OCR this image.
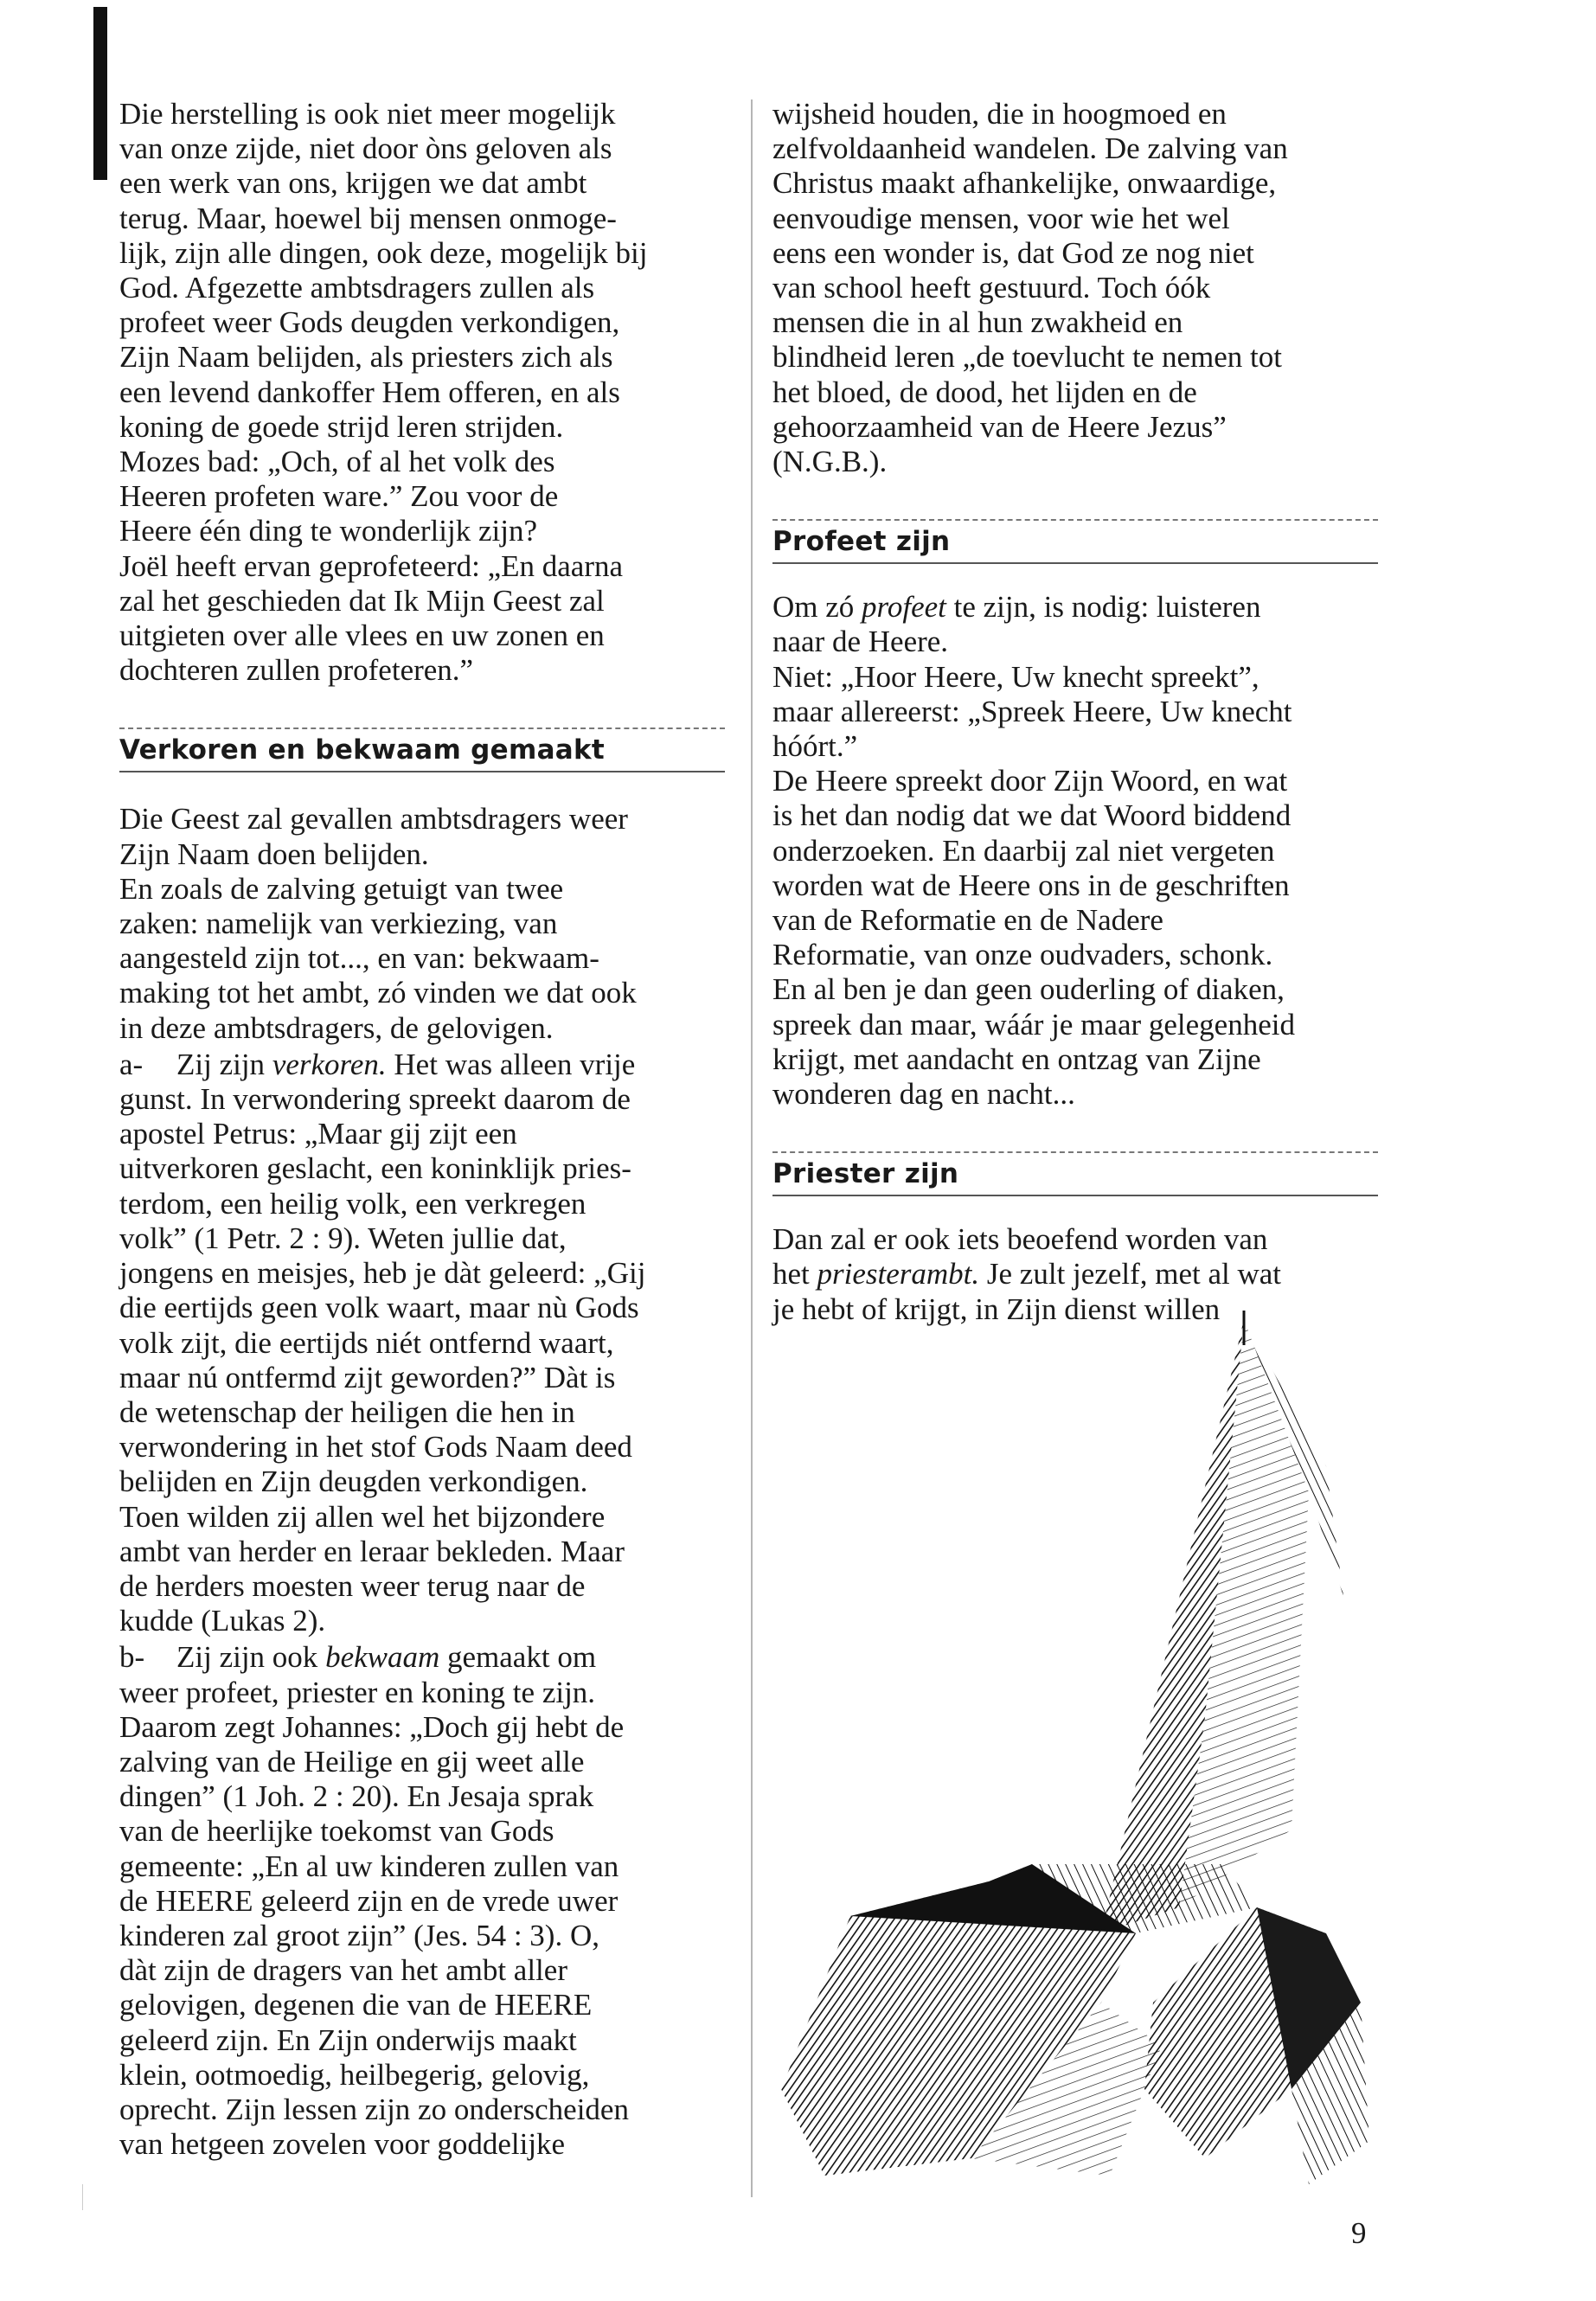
Die herstelling is ook niet meer mogelijk
van onze zijde, niet door òns geloven als
een werk van ons, krijgen we dat ambt
terug. Maar, hoewel bij mensen onmoge-
lijk, zijn alle dingen, ook deze, mogelijk bij
God. Afgezette ambtsdragers zullen als
profeet weer Gods deugden verkondigen,
Zijn Naam belijden, als priesters zich als
een levend dankoffer Hem offeren, en als
koning de goede strijd leren strijden.
Mozes bad: „Och, of al het volk des
Heeren profeten ware.” Zou voor de
Heere één ding te wonderlijk zijn?
Joël heeft ervan geprofeteerd: „En daarna
zal het geschieden dat Ik Mijn Geest zal
uitgieten over alle vlees en uw zonen en
dochteren zullen profeteren.”

Verkoren en bekwaam gemaakt

Die Geest zal gevallen ambtsdragers weer
Zijn Naam doen belijden.
En zoals de zalving getuigt van twee
zaken: namelijk van verkiezing, van
aangesteld zijn tot..., en van: bekwaam-
making tot het ambt, zó vinden we dat ook
in deze ambtsdragers, de gelovigen.

a- Zij zijn verkoren. Het was alleen vrije
gunst. In verwondering spreekt daarom de
apostel Petrus: „Maar gij zijt een
uitverkoren geslacht, een koninklijk pries-
terdom, een heilig volk, een verkregen
volk” (1 Petr. 2 : 9). Weten jullie dat,
jongens en meisjes, heb je dàt geleerd: „Gij
die eertijds geen volk waart, maar nù Gods
volk zijt, die eertijds niét ontfernd waart,
maar nú ontfermd zijt geworden?” Dàt is
de wetenschap der heiligen die hen in
verwondering in het stof Gods Naam deed
belijden en Zijn deugden verkondigen.
Toen wilden zij allen wel het bijzondere
ambt van herder en leraar bekleden. Maar
de herders moesten weer terug naar de
kudde (Lukas 2).

b- Zij zijn ook bekwaam gemaakt om
weer profeet, priester en koning te zijn.
Daarom zegt Johannes: „Doch gij hebt de
zalving van de Heilige en gij weet alle
dingen” (1 Joh. 2 : 20). En Jesaja sprak
van de heerlijke toekomst van Gods
gemeente: „En al uw kinderen zullen van
de HEERE geleerd zijn en de vrede uwer
kinderen zal groot zijn” (Jes. 54 : 3). O,
dàt zijn de dragers van het ambt aller
gelovigen, degenen die van de HEERE
geleerd zijn. En Zijn onderwijs maakt
klein, ootmoedig, heilbegerig, gelovig,
oprecht. Zijn lessen zijn zo onderscheiden
van hetgeen zovelen voor goddelijke

wijsheid houden, die in hoogmoed en
zelfvoldaanheid wandelen. De zalving van
Christus maakt afhankelijke, onwaardige,
eenvoudige mensen, voor wie het wel
eens een wonder is, dat God ze nog niet
van school heeft gestuurd. Toch óók
mensen die in al hun zwakheid en
blindheid leren „de toevlucht te nemen tot
het bloed, de dood, het lijden en de
gehoorzaamheid van de Heere Jezus”
(N.G.B.).

Profeet zijn

Om zó profeet te zijn, is nodig: luisteren
naar de Heere.
Niet: „Hoor Heere, Uw knecht spreekt”,
maar allereerst: „Spreek Heere, Uw knecht
hóórt.”
De Heere spreekt door Zijn Woord, en wat
is het dan nodig dat we dat Woord biddend
onderzoeken. En daarbij zal niet vergeten
worden wat de Heere ons in de geschriften
van de Reformatie en de Nadere
Reformatie, van onze oudvaders, schonk.
En al ben je dan geen ouderling of diaken,
spreek dan maar, wáár je maar gelegenheid
krijgt, met aandacht en ontzag van Zijne
wonderen dag en nacht...

Priester zijn

Dan zal er ook iets beoefend worden van
het priesterambt. Je zult jezelf, met al wat
je hebt of krijgt, in Zijn dienst willen

9
